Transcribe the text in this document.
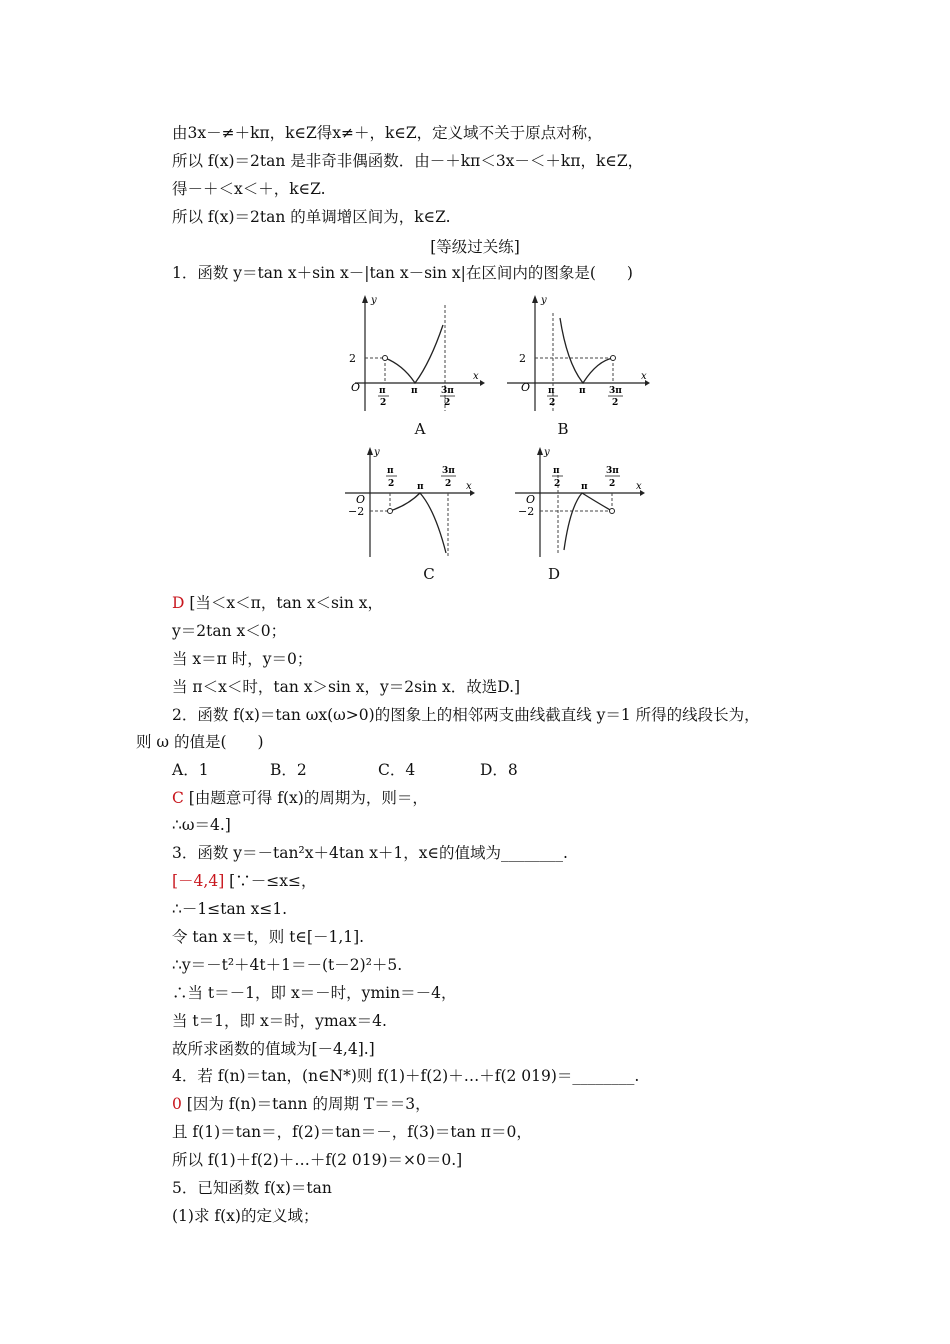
由3x－≠＋kπ，k∈Z得x≠＋，k∈Z，定义域不关于原点对称，
所以 f(x)＝2tan 是非奇非偶函数．由－＋kπ＜3x－＜＋kπ，k∈Z，
得－＋＜x＜＋，k∈Z.
所以 f(x)＝2tan 的单调增区间为，k∈Z.
[等级过关练]
1．函数 y＝tan x＋sin x－|tan x－sin x|在区间内的图象是(　　)
y
x
2
O π
2
π	3π
2
A
y
x
2
O π
2
π	3π
2
B
y
x
−2
O
π
2	π
3π
2
C
y
x
−2
O
π
2 π
3π
2
D
D [当＜x＜π，tan x＜sin x，
y＝2tan x＜0；
当 x＝π 时，y＝0；
当 π＜x＜时，tan x＞sin x，y＝2sin x．故选D.]
2．函数 f(x)＝tan ωx(ω>0)的图象上的相邻两支曲线截直线 y＝1 所得的线段长为，
则 ω 的值是(　　)
A．1	B．2	C．4	D．8
C [由题意可得 f(x)的周期为，则＝，
∴ω＝4.]
3．函数 y＝－tan²x＋4tan x＋1，x∈的值域为________.
[－4,4] [∵－≤x≤，
∴－1≤tan x≤1.
令 tan x＝t，则 t∈[－1,1].
∴y＝－t²＋4t＋1＝－(t－2)²＋5.
∴当 t＝－1，即 x＝－时，ymin＝－4，
当 t＝1，即 x＝时，ymax＝4.
故所求函数的值域为[－4,4].]
4．若 f(n)＝tan，(n∈N*)则 f(1)＋f(2)＋…＋f(2 019)＝________.
0 [因为 f(n)＝tann 的周期 T＝＝3，
且 f(1)＝tan＝，f(2)＝tan＝－，f(3)＝tan π＝0，
所以 f(1)＋f(2)＋…＋f(2 019)＝×0＝0.]
5．已知函数 f(x)＝tan
(1)求 f(x)的定义域；
